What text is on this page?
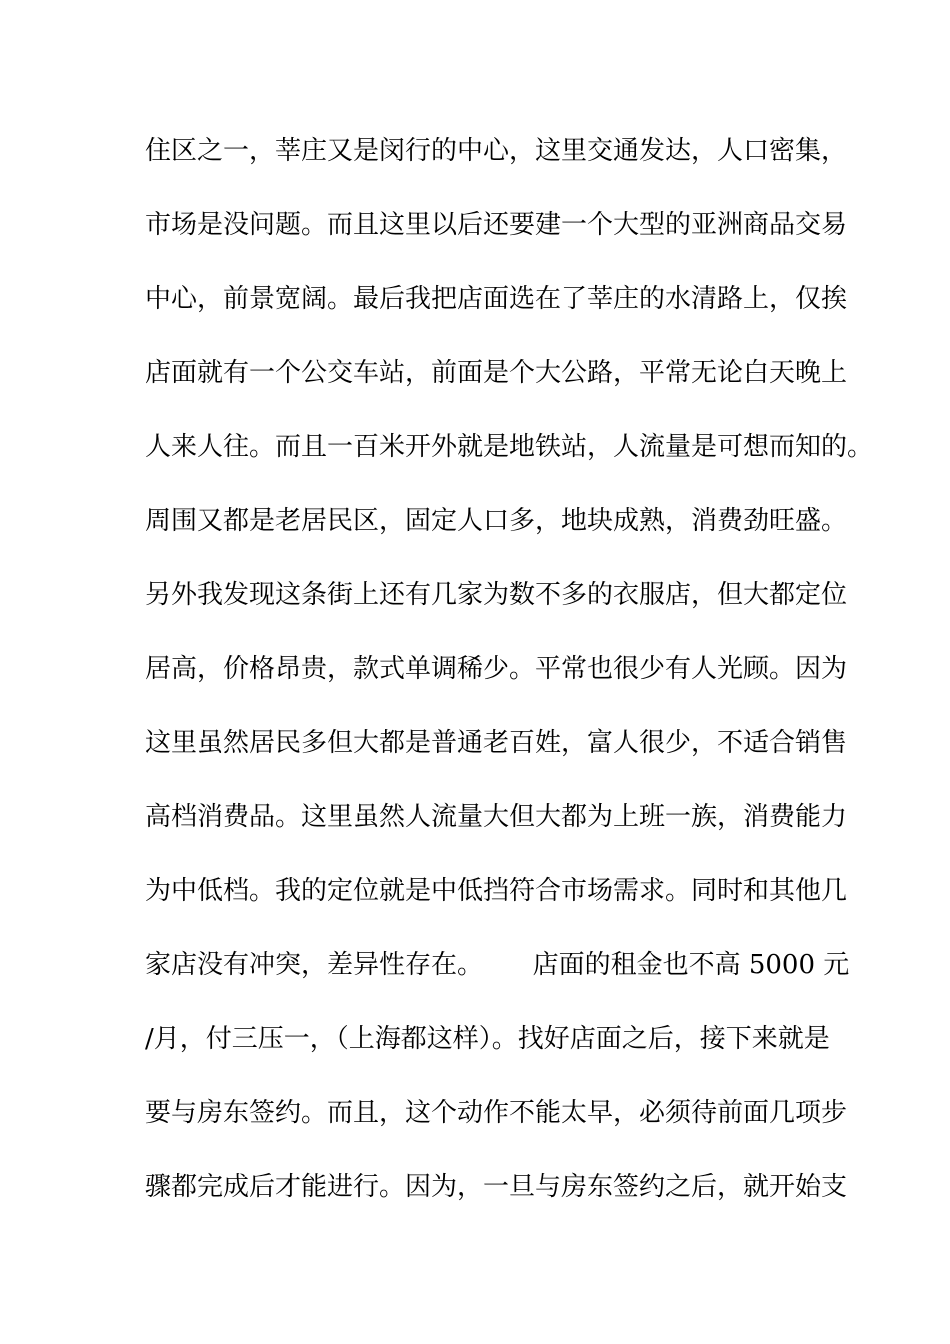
住区之一，莘庄又是闵行的中心，这里交通发达，人口密集，
市场是没问题。而且这里以后还要建一个大型的亚洲商品交易
中心，前景宽阔。最后我把店面选在了莘庄的水清路上，仅挨
店面就有一个公交车站，前面是个大公路，平常无论白天晚上
人来人往。而且一百米开外就是地铁站，人流量是可想而知的。
周围又都是老居民区，固定人口多，地块成熟，消费劲旺盛。
另外我发现这条街上还有几家为数不多的衣服店，但大都定位
居高，价格昂贵，款式单调稀少。平常也很少有人光顾。因为
这里虽然居民多但大都是普通老百姓，富人很少，不适合销售
高档消费品。这里虽然人流量大但大都为上班一族，消费能力
为中低档。我的定位就是中低挡符合市场需求。同时和其他几
家店没有冲突，差异性存在。      店面的租金也不高 5000 元
/月，付三压一，（上海都这样）。找好店面之后，接下来就是
要与房东签约。而且，这个动作不能太早，必须待前面几项步
骤都完成后才能进行。因为，一旦与房东签约之后，就开始支
